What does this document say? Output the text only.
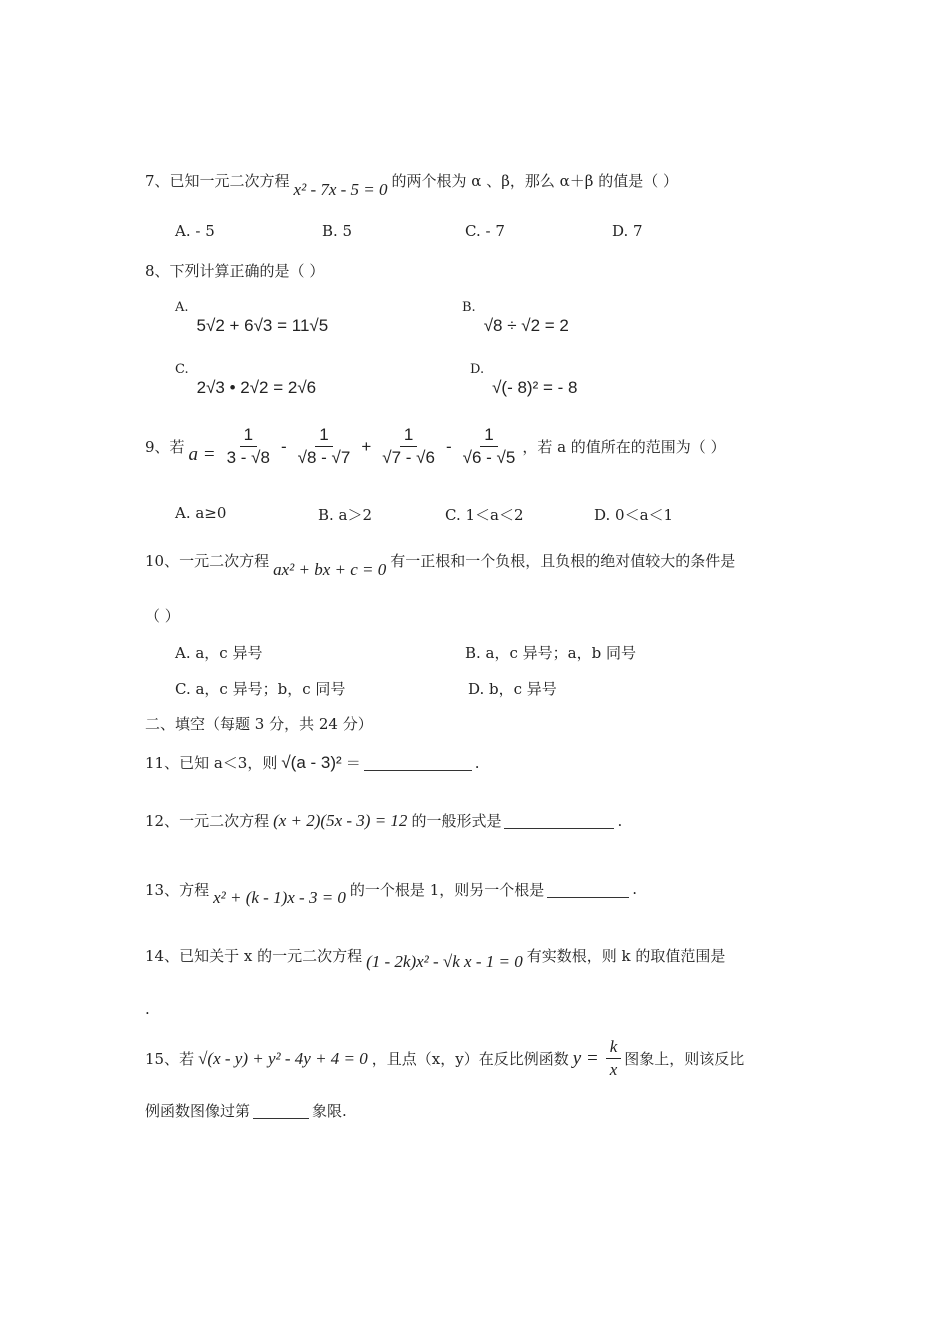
7、已知一元二次方程 x² - 7x - 5 = 0 的两个根为 α 、β，那么 α＋β 的值是（ ）
A. - 5	B. 5	C. - 7	D. 7
8、下列计算正确的是（ ）
A.
5√2 + 6√3 = 11√5
B.
√8 ÷ √2 = 2
C.
2√3 • 2√2 = 2√6
D.
√(- 8)² = - 8
9、若 $a = \frac{1}{3 - √8} - \frac{1}{√8 - √7} + \frac{1}{√7 - √6} - \frac{1}{√6 - √5}$ ，若 a 的值所在的范围为（ ）
A. a≥0	B. a＞2	C. 1＜a＜2	D. 0＜a＜1
10、一元二次方程 ax² + bx + c = 0 有一正根和一个负根，且负根的绝对值较大的条件是
（ ）
A. a，c 异号	B. a，c 异号；a，b 同号
C. a，c 异号；b，c 同号	D. b，c 异号
二、填空（每题 3 分，共 24 分）
11、已知 a＜3，则 √(a - 3)² ＝	.
12、一元二次方程 (x + 2)(5x - 3) = 12 的一般形式是	.
13、方程 x² + (k - 1)x - 3 = 0 的一个根是 1，则另一个根是	.
14、已知关于 x 的一元二次方程 (1 - 2k)x² - √k x - 1 = 0 有实数根，则 k 的取值范围是
.
15、若 √(x - y) + y² - 4y + 4 = 0 ，且点（x，y）在反比例函数 $y = \frac{k}{x}$ 图象上，则该反比
例函数图像过第	象限.
